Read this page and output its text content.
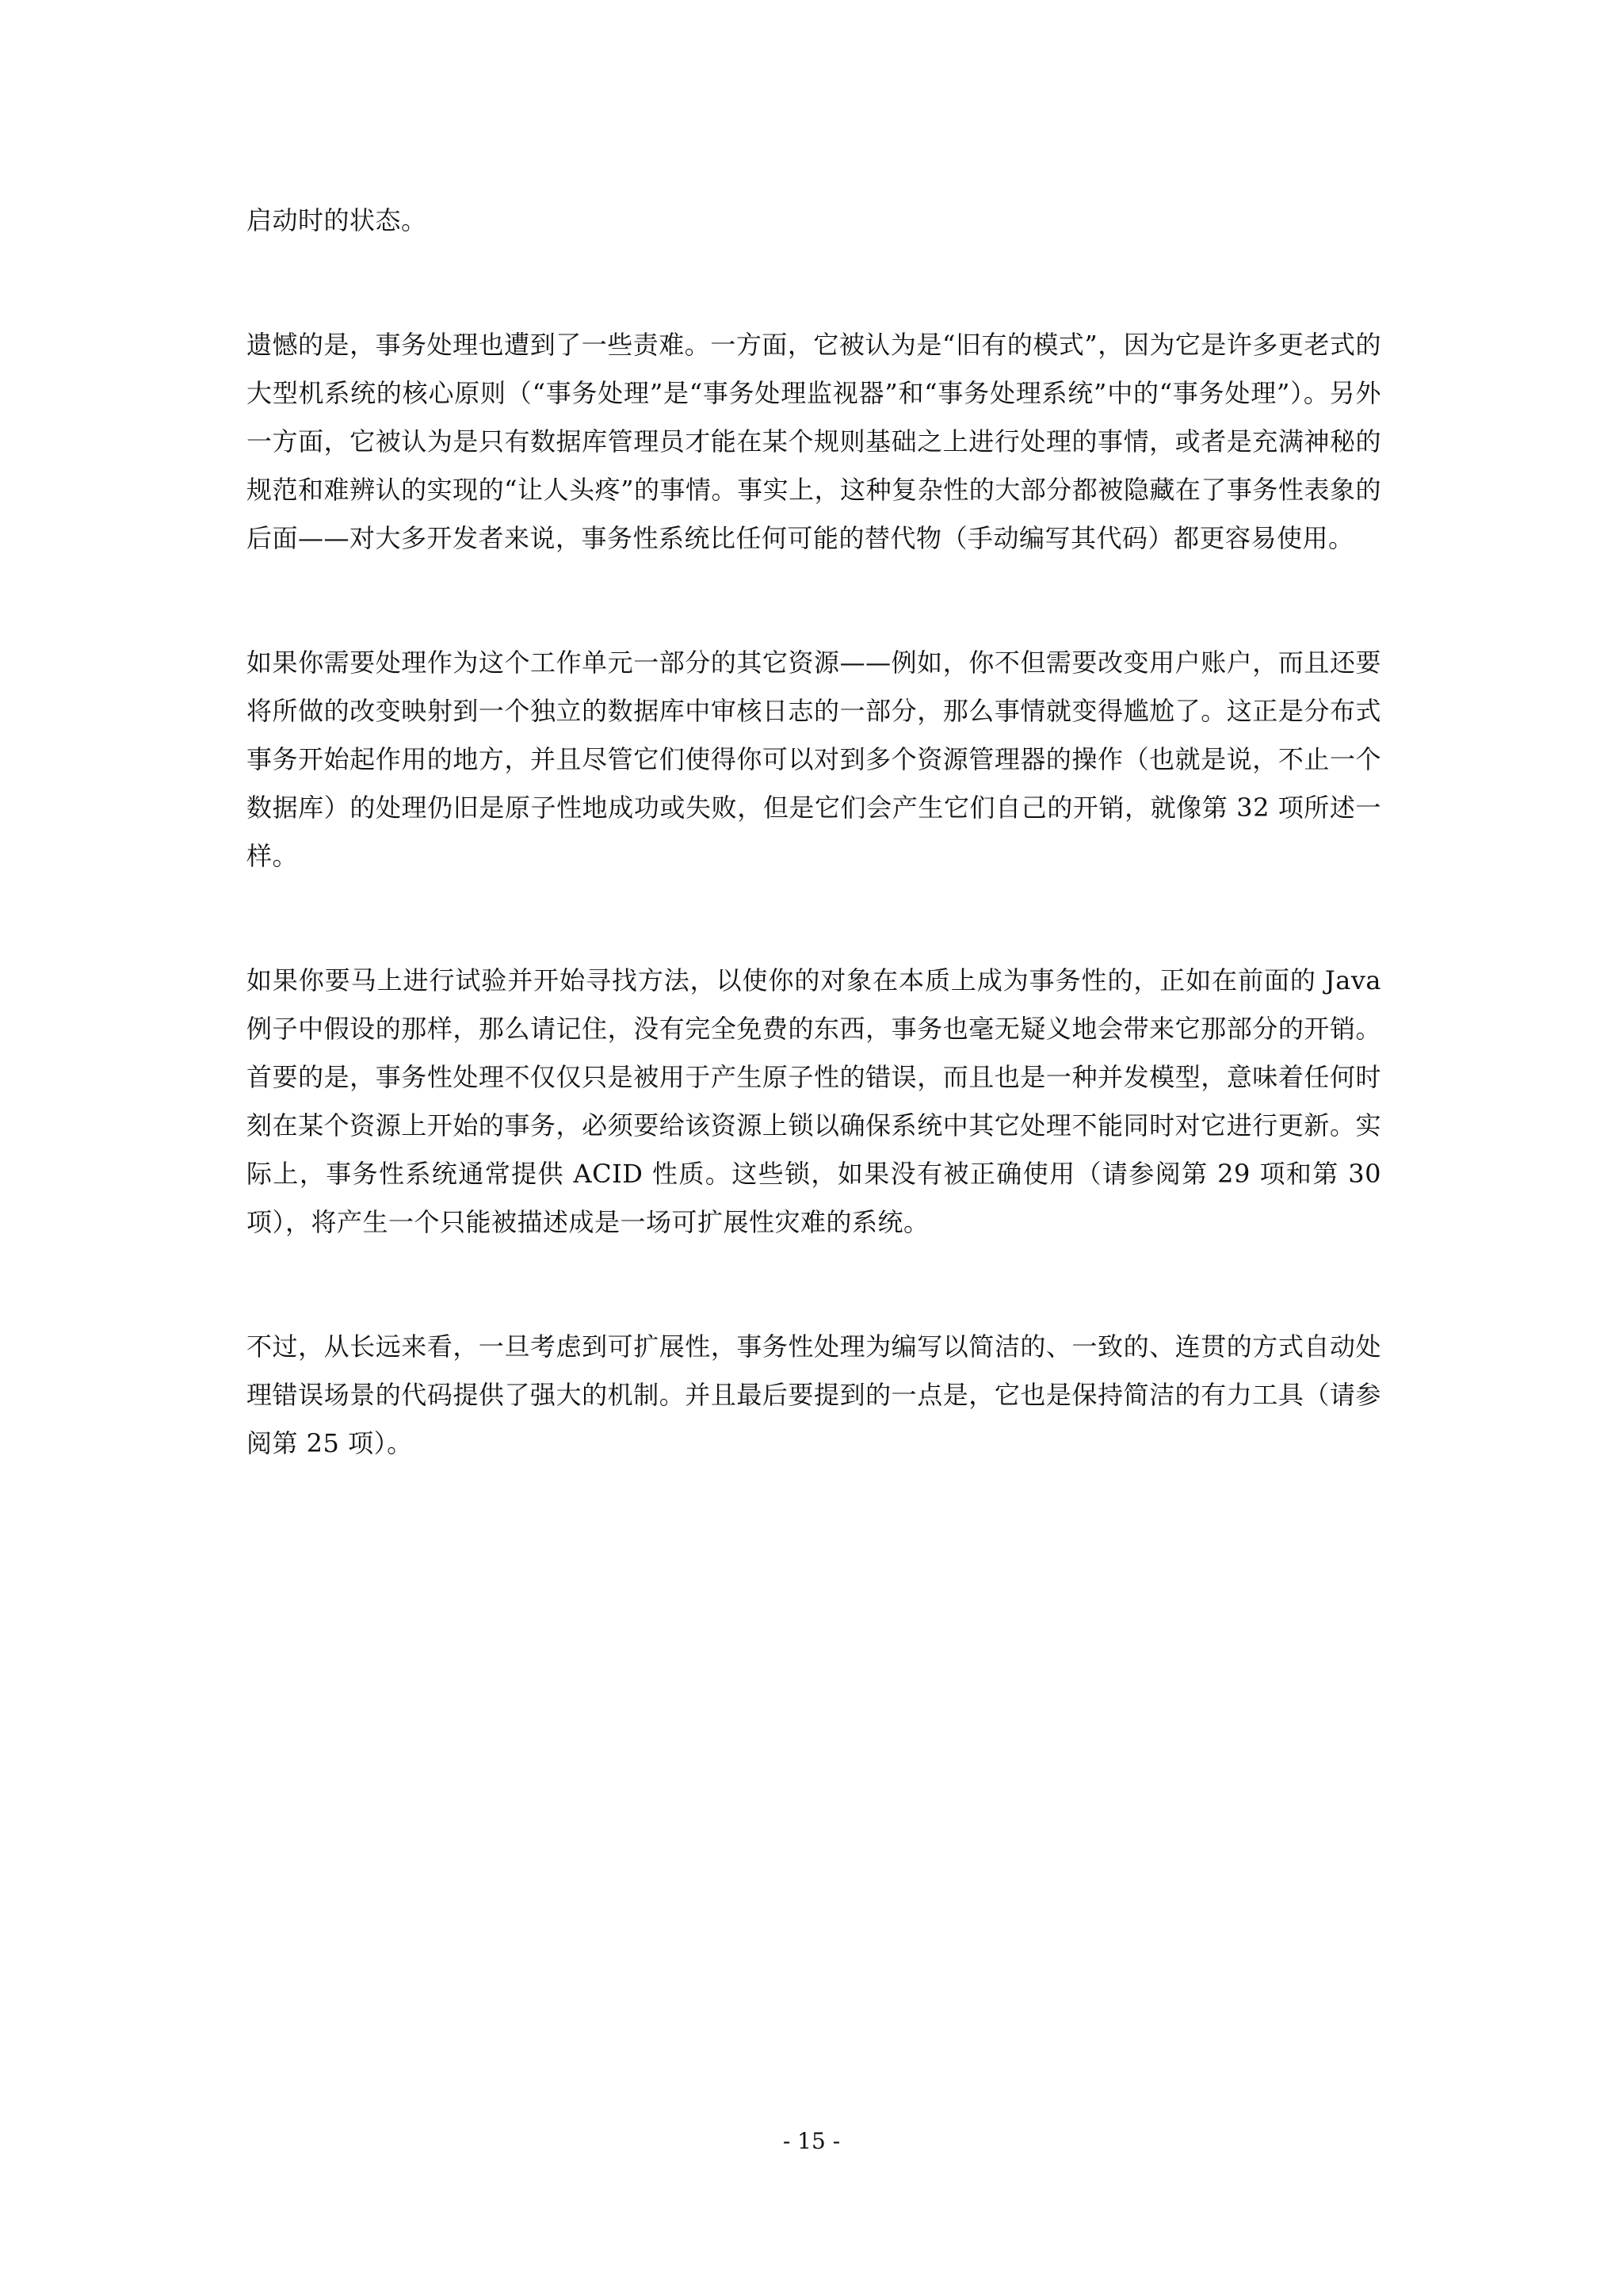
启动时的状态。

遗憾的是，事务处理也遭到了一些责难。一方面，它被认为是“旧有的模式”，因为它是许多更老式的大型机系统的核心原则（“事务处理”是“事务处理监视器”和“事务处理系统”中的“事务处理”）。另外一方面，它被认为是只有数据库管理员才能在某个规则基础之上进行处理的事情，或者是充满神秘的规范和难辨认的实现的“让人头疼”的事情。事实上，这种复杂性的大部分都被隐藏在了事务性表象的后面——对大多开发者来说，事务性系统比任何可能的替代物（手动编写其代码）都更容易使用。

如果你需要处理作为这个工作单元一部分的其它资源——例如，你不但需要改变用户账户，而且还要将所做的改变映射到一个独立的数据库中审核日志的一部分，那么事情就变得尴尬了。这正是分布式事务开始起作用的地方，并且尽管它们使得你可以对到多个资源管理器的操作（也就是说，不止一个数据库）的处理仍旧是原子性地成功或失败，但是它们会产生它们自己的开销，就像第 32 项所述一样。

如果你要马上进行试验并开始寻找方法，以使你的对象在本质上成为事务性的，正如在前面的 Java 例子中假设的那样，那么请记住，没有完全免费的东西，事务也毫无疑义地会带来它那部分的开销。首要的是，事务性处理不仅仅只是被用于产生原子性的错误，而且也是一种并发模型，意味着任何时刻在某个资源上开始的事务，必须要给该资源上锁以确保系统中其它处理不能同时对它进行更新。实际上，事务性系统通常提供 ACID 性质。这些锁，如果没有被正确使用（请参阅第 29 项和第 30 项），将产生一个只能被描述成是一场可扩展性灾难的系统。

不过，从长远来看，一旦考虑到可扩展性，事务性处理为编写以简洁的、一致的、连贯的方式自动处理错误场景的代码提供了强大的机制。并且最后要提到的一点是，它也是保持简洁的有力工具（请参阅第 25 项）。

- 15 -
